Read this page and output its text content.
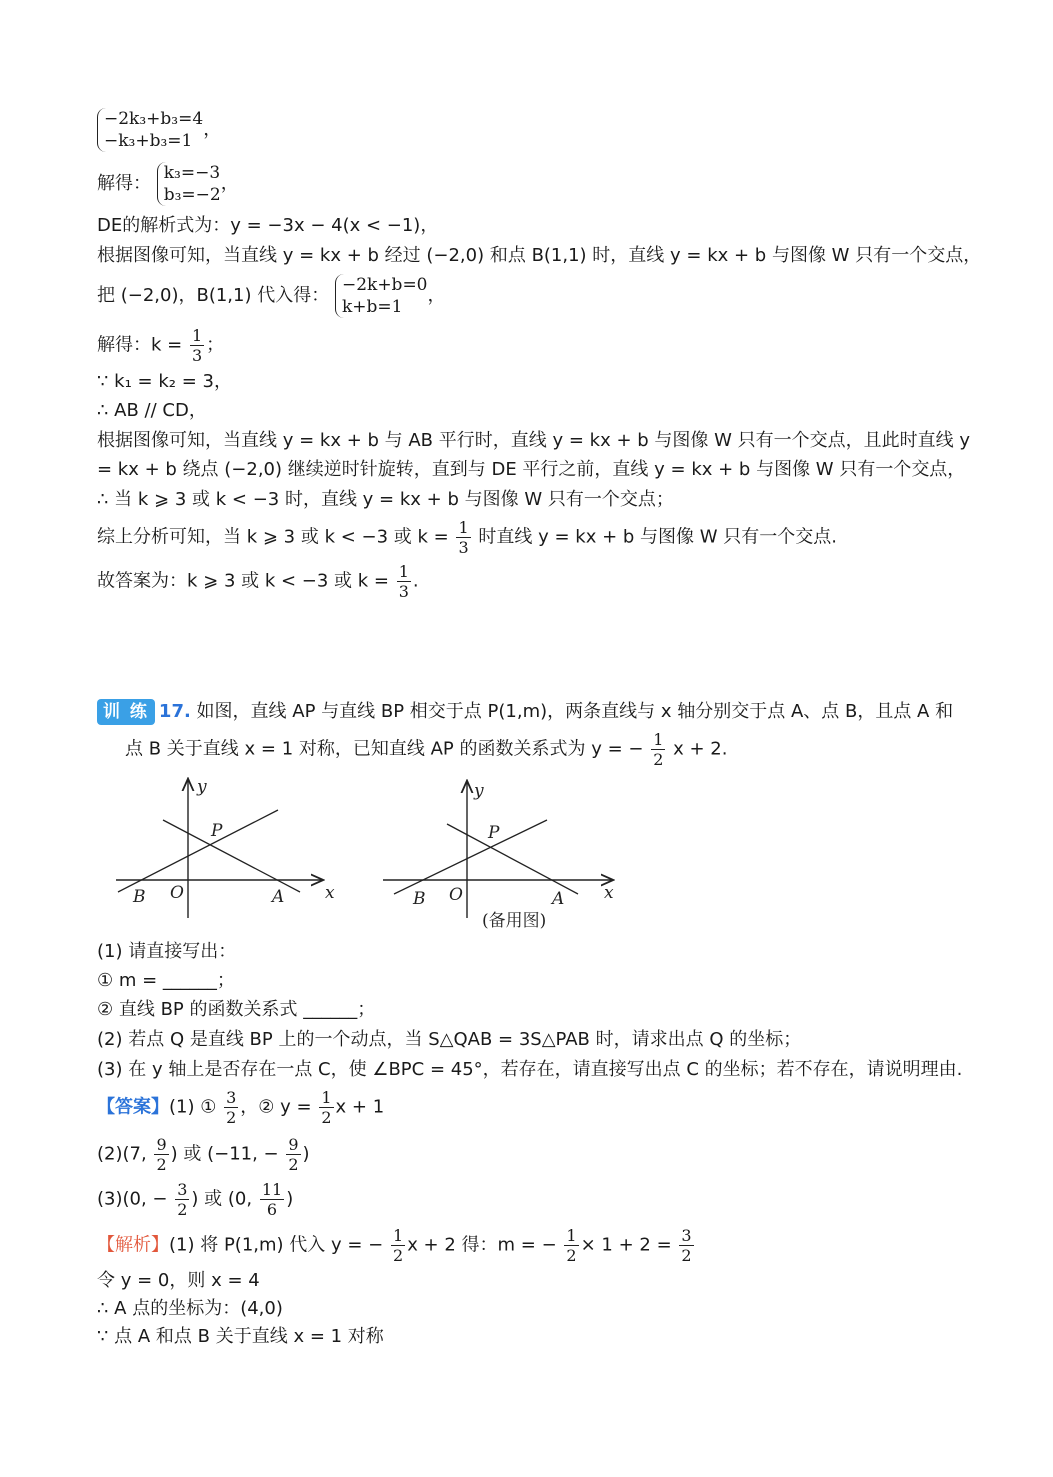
−2k₃+b₃=4
−k₃+b₃=1
，
解得： k₃=−3
b₃=−2
，
DE的解析式为：y = −3x − 4(x < −1)，
根据图像可知，当直线 y = kx + b 经过 (−2,0) 和点 B(1,1) 时，直线 y = kx + b 与图像 W 只有一个交点，
把 (−2,0)，B(1,1) 代入得： −2k+b=0
k+b=1
，
解得：$k = \frac{1}{3}$ ；
∵ k₁ = k₂ = 3，
∴ AB // CD，
根据图像可知，当直线 y = kx + b 与 AB 平行时，直线 y = kx + b 与图像 W 只有一个交点，且此时直线 y
= kx + b 绕点 (−2,0) 继续逆时针旋转，直到与 DE 平行之前，直线 y = kx + b 与图像 W 只有一个交点，
∴ 当 k ⩾ 3 或 k < −3 时，直线 y = kx + b 与图像 W 只有一个交点；
综上分析可知，当 k ⩾ 3 或 k < −3 或 $k = \frac{1}{3}$ 时直线 y = kx + b 与图像 W 只有一个交点.
故答案为：k ⩾ 3 或 k < −3 或 $k = \frac{1}{3}$ .
训 练 17. 如图，直线 AP 与直线 BP 相交于点 P(1,m)，两条直线与 x 轴分别交于点 A、点 B，且点 A 和
点 B 关于直线 x = 1 对称，已知直线 AP 的函数关系式为 y = − $\frac{1}{2}$ x + 2.
y
P
B O	A x
y
P
B O	A x
(备用图)
(1) 请直接写出：
① m = ______；
② 直线 BP 的函数关系式 ______；
(2) 若点 Q 是直线 BP 上的一个动点，当 S△QAB = 3S△PAB 时，请求出点 Q 的坐标；
(3) 在 y 轴上是否存在一点 C，使 ∠BPC = 45°，若存在，请直接写出点 C 的坐标；若不存在，请说明理由.
【答案】(1) ① $\frac{3}{2}$ ，② $y = \frac{1}{2}$ x + 1
(2)(7, $\frac{9}{2}$ ) 或 (−11, − $\frac{9}{2}$ )
(3)(0, − $\frac{3}{2}$ ) 或 (0, $\frac{11}{6}$ )
【解析】(1) 将 P(1,m) 代入 y = − $\frac{1}{2}$ x + 2 得：m = − $\frac{1}{2} \times 1 + 2 = \frac{3}{2}$
令 y = 0，则 x = 4
∴ A 点的坐标为：(4,0)
∵ 点 A 和点 B 关于直线 x = 1 对称
